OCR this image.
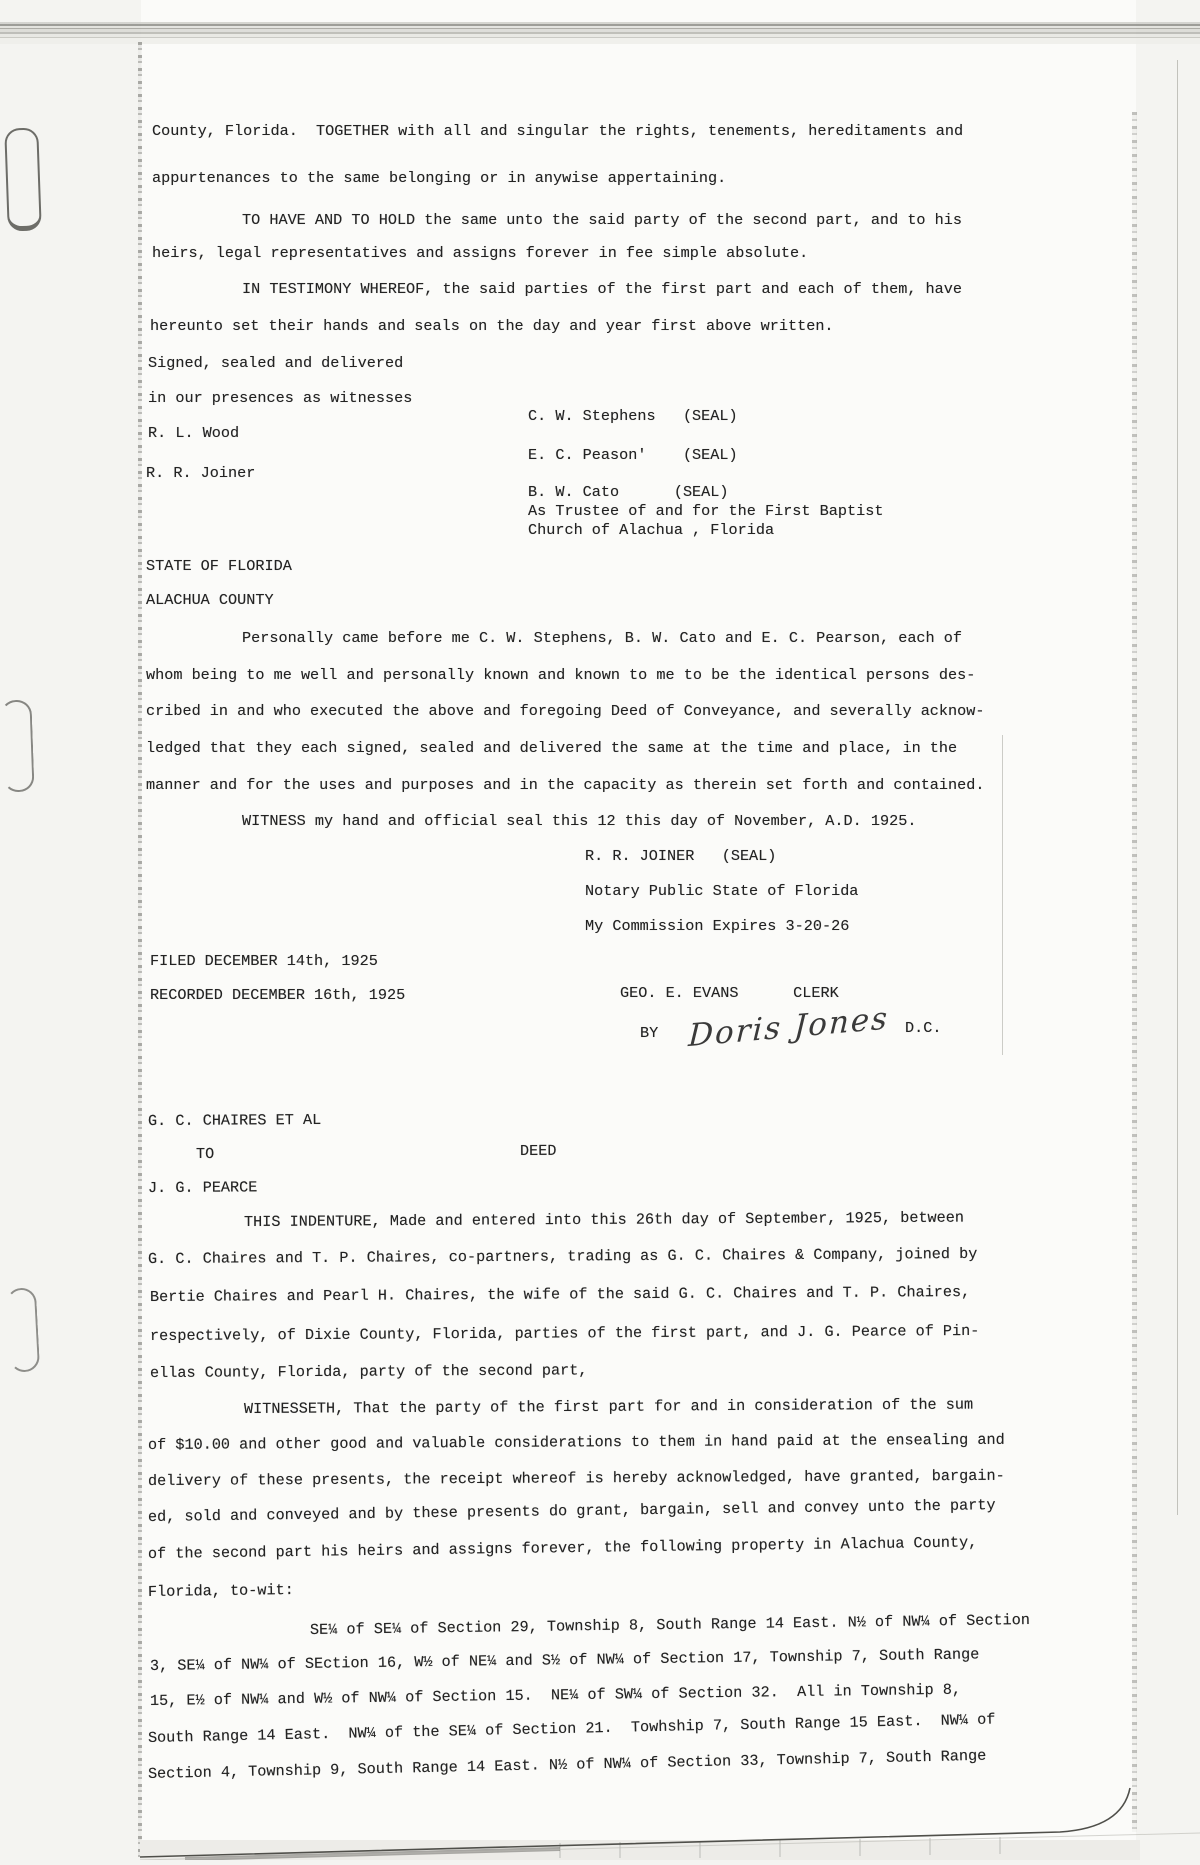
County, Florida.  TOGETHER with all and singular the rights, tenements, hereditaments and
appurtenances to the same belonging or in anywise appertaining.
TO HAVE AND TO HOLD the same unto the said party of the second part, and to his
heirs, legal representatives and assigns forever in fee simple absolute.
IN TESTIMONY WHEREOF, the said parties of the first part and each of them, have
hereunto set their hands and seals on the day and year first above written.
Signed, sealed and delivered
in our presences as witnesses
R. L. Wood
R. R. Joiner
C. W. Stephens   (SEAL)
E. C. Peason'    (SEAL)
B. W. Cato      (SEAL)
As Trustee of and for the First Baptist
Church of Alachua , Florida
STATE OF FLORIDA
ALACHUA COUNTY
Personally came before me C. W. Stephens, B. W. Cato and E. C. Pearson, each of
whom being to me well and personally known and known to me to be the identical persons des-
cribed in and who executed the above and foregoing Deed of Conveyance, and severally acknow-
ledged that they each signed, sealed and delivered the same at the time and place, in the
manner and for the uses and purposes and in the capacity as therein set forth and contained.
WITNESS my hand and official seal this 12 this day of November, A.D. 1925.
R. R. JOINER   (SEAL)
Notary Public State of Florida
My Commission Expires 3-20-26
FILED DECEMBER 14th, 1925
RECORDED DECEMBER 16th, 1925	GEO. E. EVANS      CLERK
BY	D.C.
G. C. CHAIRES ET AL
TO	DEED
J. G. PEARCE
THIS INDENTURE, Made and entered into this 26th day of September, 1925, between
G. C. Chaires and T. P. Chaires, co-partners, trading as G. C. Chaires & Company, joined by
Bertie Chaires and Pearl H. Chaires, the wife of the said G. C. Chaires and T. P. Chaires,
respectively, of Dixie County, Florida, parties of the first part, and J. G. Pearce of Pin-
ellas County, Florida, party of the second part,
WITNESSETH, That the party of the first part for and in consideration of the sum
of $10.00 and other good and valuable considerations to them in hand paid at the ensealing and
delivery of these presents, the receipt whereof is hereby acknowledged, have granted, bargain-
ed, sold and conveyed and by these presents do grant, bargain, sell and convey unto the party
of the second part his heirs and assigns forever, the following property in Alachua County,
Florida, to-wit:
SE¼ of SE¼ of Section 29, Township 8, South Range 14 East. N½ of NW¼ of Section
3, SE¼ of NW¼ of SEction 16, W½ of NE¼ and S½ of NW¼ of Section 17, Township 7, South Range
15, E½ of NW¼ and W½ of NW¼ of Section 15.  NE¼ of SW¼ of Section 32.  All in Township 8,
South Range 14 East.  NW¼ of the SE¼ of Section 21.  Towhship 7, South Range 15 East.  NW¼ of
Section 4, Township 9, South Range 14 East. N½ of NW¼ of Section 33, Township 7, South Range
Doris Jones
